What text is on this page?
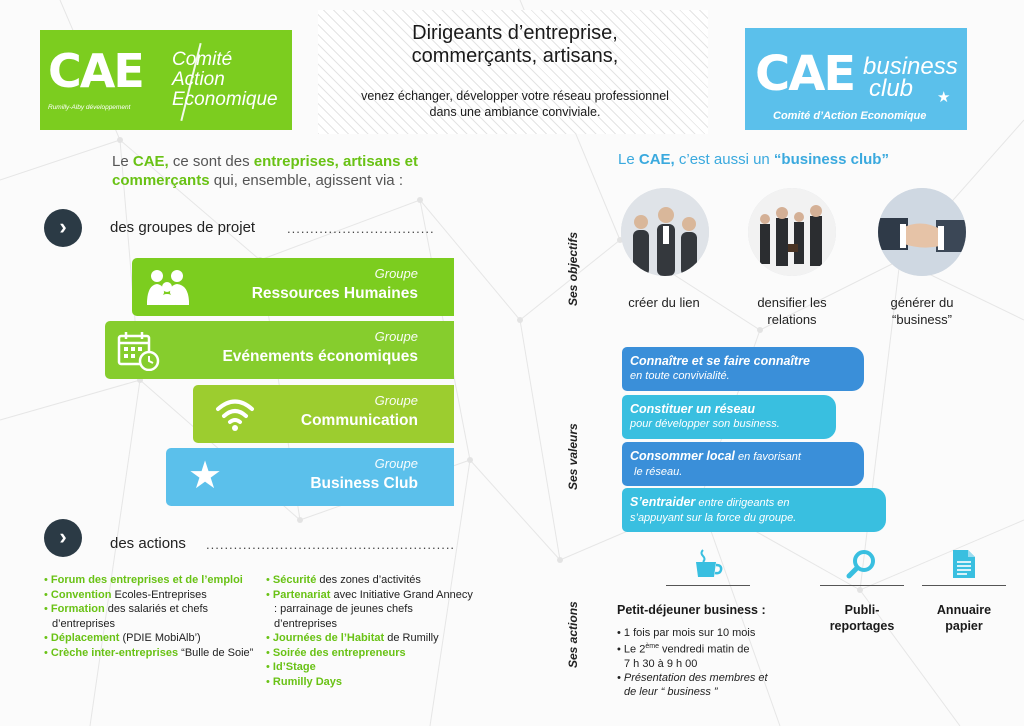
CAE
Rumilly-Alby développement
Comité
Action
Economique
Dirigeants d’entreprise,
commerçants, artisans,
venez échanger, développer votre réseau professionnel
dans une ambiance conviviale.
CAE business
club	★
Comité d’Action Economique
Le CAE, ce sont des entreprises, artisans et commerçants qui, ensemble, agissent via :
›	des groupes de projet ................................
Groupe
Ressources Humaines
Groupe
Evénements économiques
Groupe
Communication
★	Groupe
Business Club
›	des actions ......................................................
• Forum des entreprises et de l’emploi
• Convention Ecoles-Entreprises
• Formation des salariés et chefs d’entreprises
• Déplacement (PDIE MobiAlb’)
• Crèche inter-entreprises “Bulle de Soie”
• Sécurité des zones d’activités
• Partenariat avec Initiative Grand Annecy : parrainage de jeunes chefs d’entreprises
• Journées de l’Habitat de Rumilly
• Soirée des entrepreneurs
• Id’Stage
• Rumilly Days
Le CAE, c’est aussi un “business club”
Ses objectifs	créer du lien	densifier les
relations
générer du
“business”
Ses valeurs
Connaître et se faire connaître
en toute convivialité.
Constituer un réseau
pour développer son business.
Consommer local en favorisant
le réseau.
S’entraider entre dirigeants en
s’appuyant sur la force du groupe.
Ses actions	Petit-déjeuner business :	Publi-
reportages
Annuaire
papier
• 1 fois par mois sur 10 mois
• Le 2ème vendredi matin de
7 h 30 à 9 h 00
• Présentation des membres et
de leur “ business ”
